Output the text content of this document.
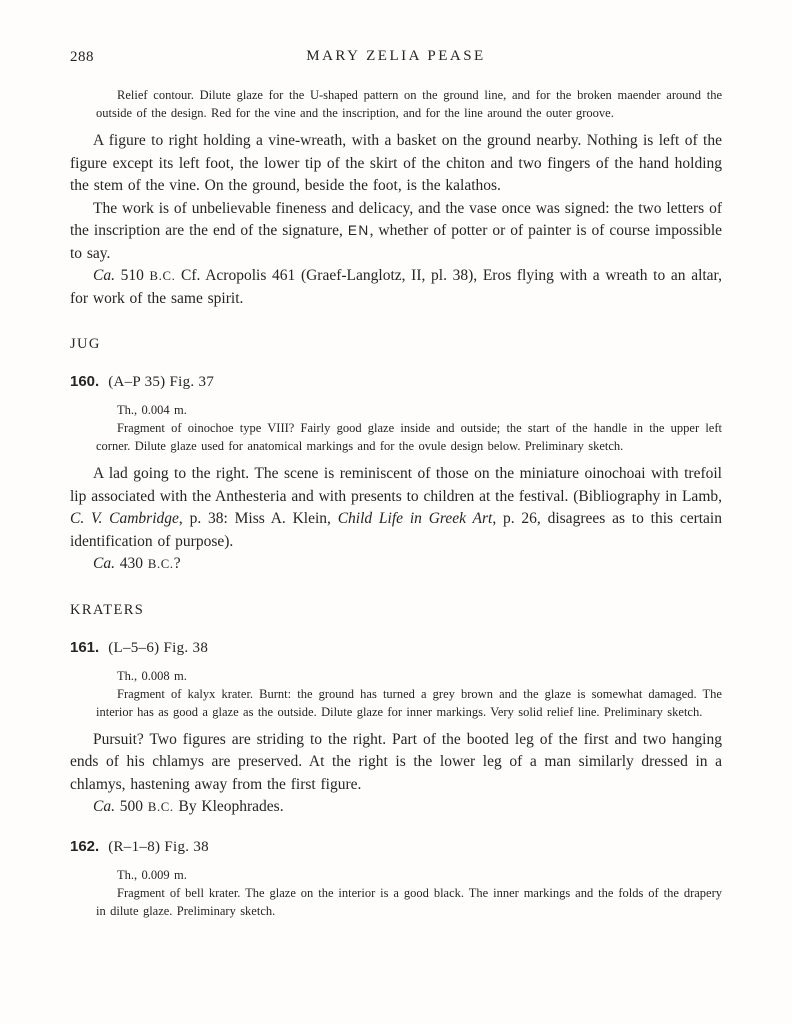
288	MARY ZELIA PEASE

Relief contour. Dilute glaze for the U-shaped pattern on the ground line, and for the broken maender around the outside of the design. Red for the vine and the inscription, and for the line around the outer groove.

A figure to right holding a vine-wreath, with a basket on the ground nearby. Nothing is left of the figure except its left foot, the lower tip of the skirt of the chiton and two fingers of the hand holding the stem of the vine. On the ground, beside the foot, is the kalathos.

The work is of unbelievable fineness and delicacy, and the vase once was signed: the two letters of the inscription are the end of the signature, EN, whether of potter or of painter is of course impossible to say.

Ca. 510 B.C. Cf. Acropolis 461 (Graef-Langlotz, II, pl. 38), Eros flying with a wreath to an altar, for work of the same spirit.

JUG

160. (A–P 35) Fig. 37

Th., 0.004 m.

Fragment of oinochoe type VIII? Fairly good glaze inside and outside; the start of the handle in the upper left corner. Dilute glaze used for anatomical markings and for the ovule design below. Preliminary sketch.

A lad going to the right. The scene is reminiscent of those on the miniature oinochoai with trefoil lip associated with the Anthesteria and with presents to children at the festival. (Bibliography in Lamb, C. V. Cambridge, p. 38: Miss A. Klein, Child Life in Greek Art, p. 26, disagrees as to this certain identification of purpose).

Ca. 430 B.C.?

KRATERS

161. (L–5–6) Fig. 38

Th., 0.008 m.

Fragment of kalyx krater. Burnt: the ground has turned a grey brown and the glaze is somewhat damaged. The interior has as good a glaze as the outside. Dilute glaze for inner markings. Very solid relief line. Preliminary sketch.

Pursuit? Two figures are striding to the right. Part of the booted leg of the first and two hanging ends of his chlamys are preserved. At the right is the lower leg of a man similarly dressed in a chlamys, hastening away from the first figure.

Ca. 500 B.C. By Kleophrades.

162. (R–1–8) Fig. 38

Th., 0.009 m.

Fragment of bell krater. The glaze on the interior is a good black. The inner markings and the folds of the drapery in dilute glaze. Preliminary sketch.
